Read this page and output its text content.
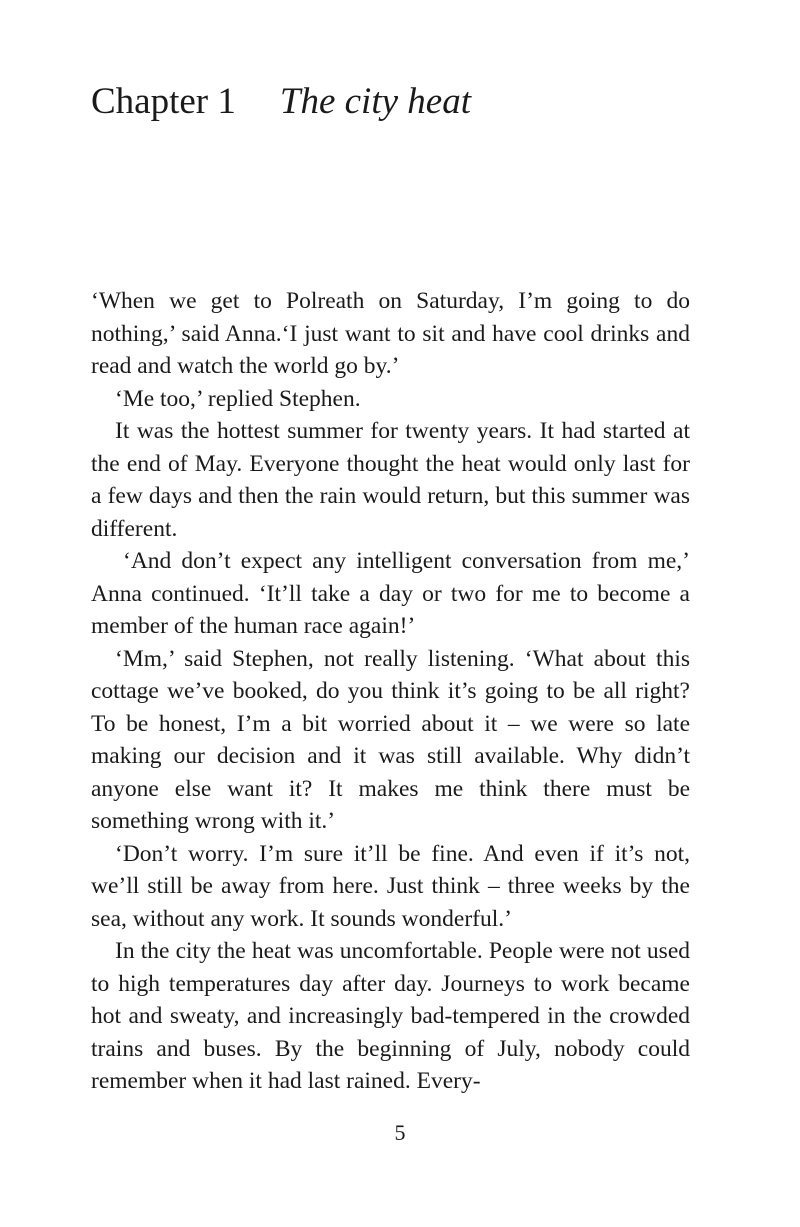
Chapter 1 The city heat

‘When we get to Polreath on Saturday, I’m going to do nothing,’ said Anna.‘I just want to sit and have cool drinks and read and watch the world go by.’

‘Me too,’ replied Stephen.

It was the hottest summer for twenty years. It had started at the end of May. Everyone thought the heat would only last for a few days and then the rain would return, but this summer was different.

‘And don’t expect any intelligent conversation from me,’ Anna continued. ‘It’ll take a day or two for me to become a member of the human race again!’

‘Mm,’ said Stephen, not really listening. ‘What about this cottage we’ve booked, do you think it’s going to be all right? To be honest, I’m a bit worried about it – we were so late making our decision and it was still available. Why didn’t anyone else want it? It makes me think there must be something wrong with it.’

‘Don’t worry. I’m sure it’ll be fine. And even if it’s not, we’ll still be away from here. Just think – three weeks by the sea, without any work. It sounds wonderful.’

In the city the heat was uncomfortable. People were not used to high temperatures day after day. Journeys to work became hot and sweaty, and increasingly bad-tempered in the crowded trains and buses. By the beginning of July, nobody could remember when it had last rained. Every-

5
